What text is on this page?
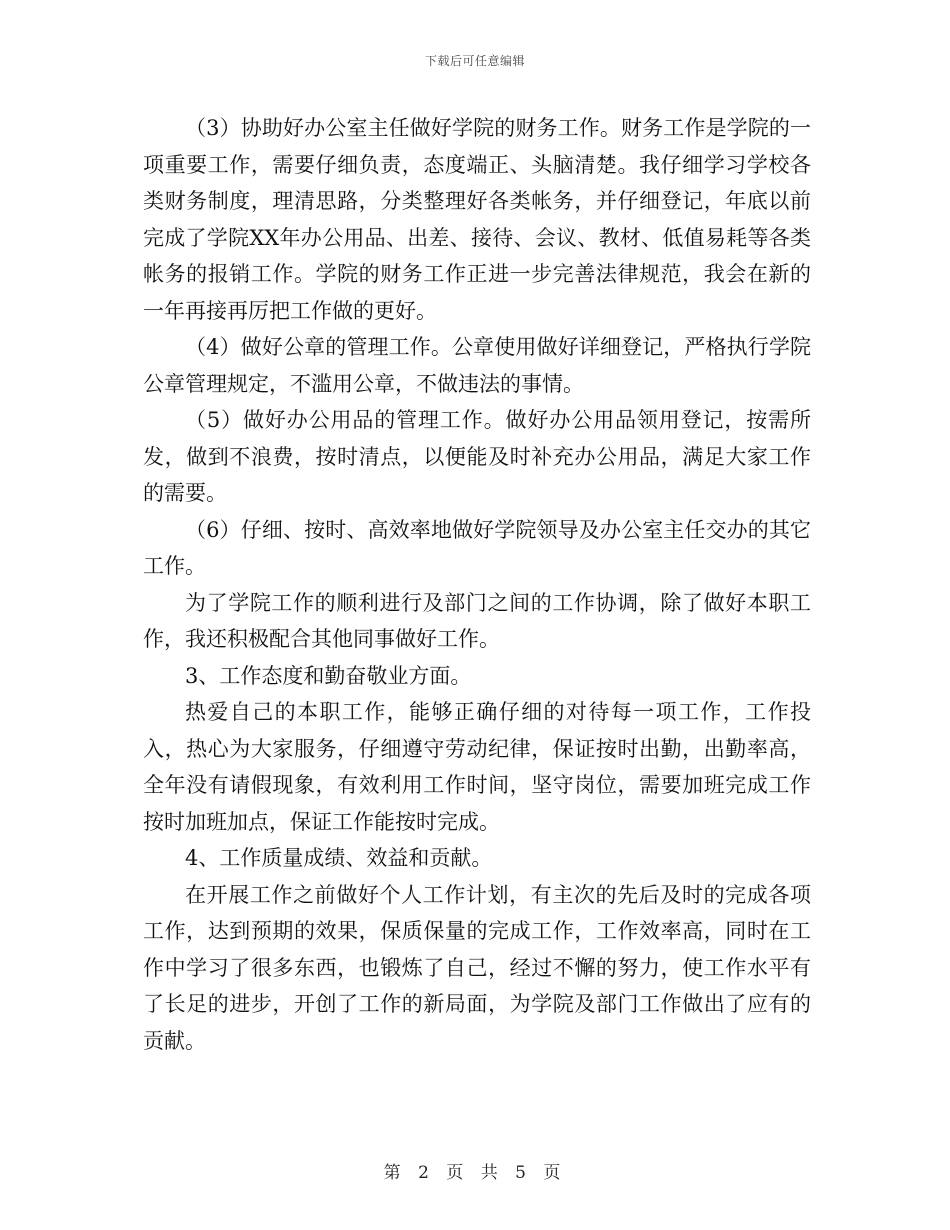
下载后可任意编辑

（3）协助好办公室主任做好学院的财务工作。财务工作是学院的一项重要工作，需要仔细负责，态度端正、头脑清楚。我仔细学习学校各类财务制度，理清思路，分类整理好各类帐务，并仔细登记，年底以前完成了学院XX年办公用品、出差、接待、会议、教材、低值易耗等各类帐务的报销工作。学院的财务工作正进一步完善法律规范，我会在新的一年再接再厉把工作做的更好。

（4）做好公章的管理工作。公章使用做好详细登记，严格执行学院公章管理规定，不滥用公章，不做违法的事情。

（5）做好办公用品的管理工作。做好办公用品领用登记，按需所发，做到不浪费，按时清点，以便能及时补充办公用品，满足大家工作的需要。

（6）仔细、按时、高效率地做好学院领导及办公室主任交办的其它工作。

为了学院工作的顺利进行及部门之间的工作协调，除了做好本职工作，我还积极配合其他同事做好工作。

3、工作态度和勤奋敬业方面。

热爱自己的本职工作，能够正确仔细的对待每一项工作，工作投入，热心为大家服务，仔细遵守劳动纪律，保证按时出勤，出勤率高，全年没有请假现象，有效利用工作时间，坚守岗位，需要加班完成工作按时加班加点，保证工作能按时完成。

4、工作质量成绩、效益和贡献。

在开展工作之前做好个人工作计划，有主次的先后及时的完成各项工作，达到预期的效果，保质保量的完成工作，工作效率高，同时在工作中学习了很多东西，也锻炼了自己，经过不懈的努力，使工作水平有了长足的进步，开创了工作的新局面，为学院及部门工作做出了应有的贡献。

第 2 页 共 5 页
